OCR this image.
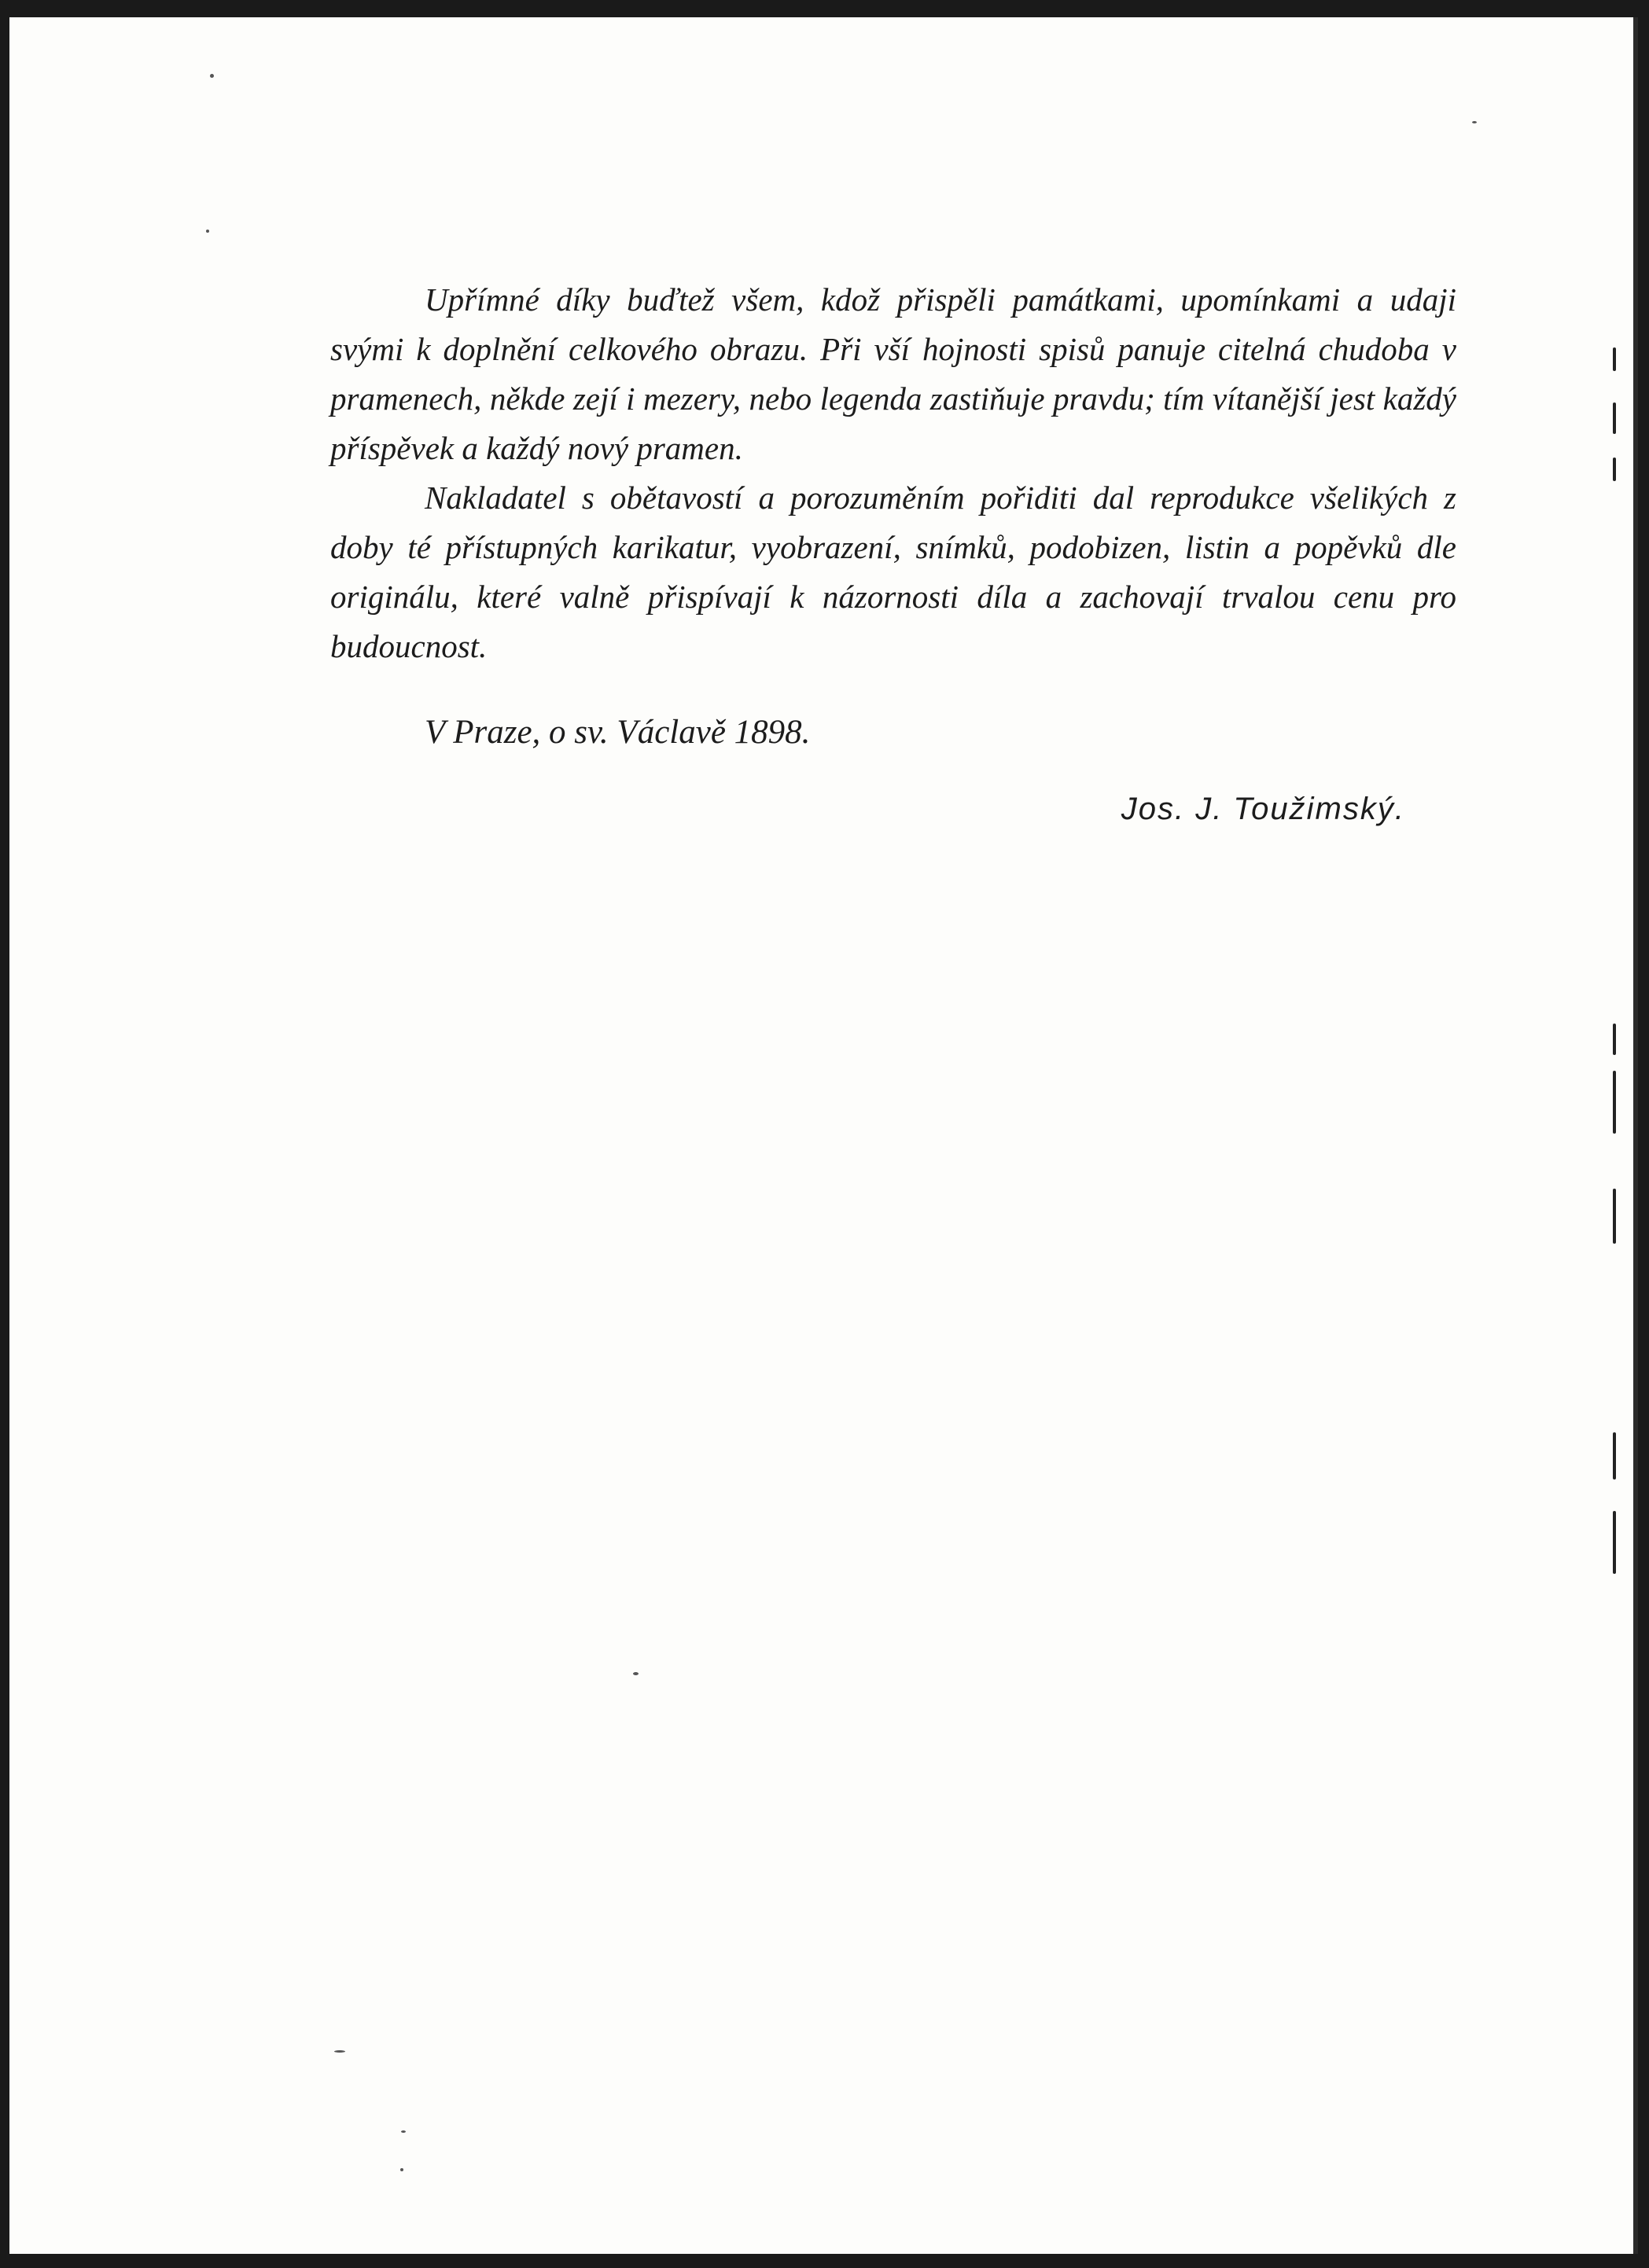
Upřímné díky buďtež všem, kdož přispěli památkami, upomínkami a udaji svými k doplnění celkového obrazu. Při vší hojnosti spisů panuje citelná chudoba v pramenech, někde zejí i mezery, nebo legenda zastiňuje pravdu; tím vítanější jest každý příspěvek a každý nový pramen.

Nakladatel s obětavostí a porozuměním pořiditi dal reprodukce všelikých z doby té přístupných karikatur, vyobrazení, snímků, podobizen, listin a popěvků dle originálu, které valně přispívají k názornosti díla a zachovají trvalou cenu pro budoucnost.

V Praze, o sv. Václavě 1898.
Jos. J. Toužimský.
